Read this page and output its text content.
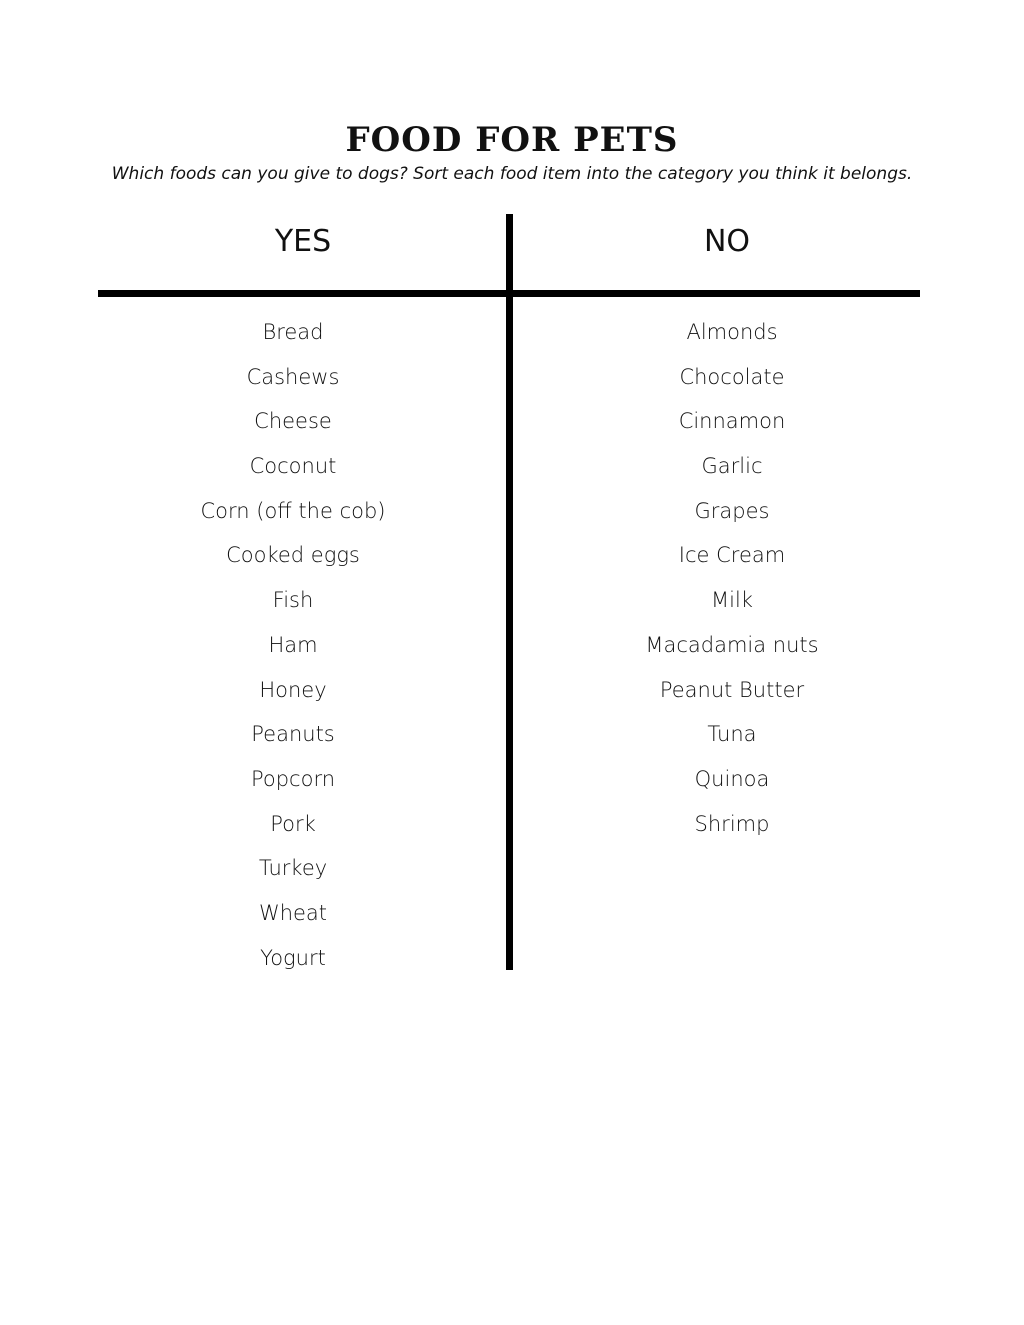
FOOD FOR PETS
Which foods can you give to dogs? Sort each food item into the category you think it belongs.
YES	NO
Bread
Cashews
Cheese
Coconut
Corn (off the cob)
Cooked eggs
Fish
Ham
Honey
Peanuts
Popcorn
Pork
Turkey
Wheat
Yogurt
Almonds
Chocolate
Cinnamon
Garlic
Grapes
Ice Cream
Milk
Macadamia nuts
Peanut Butter
Tuna
Quinoa
Shrimp
